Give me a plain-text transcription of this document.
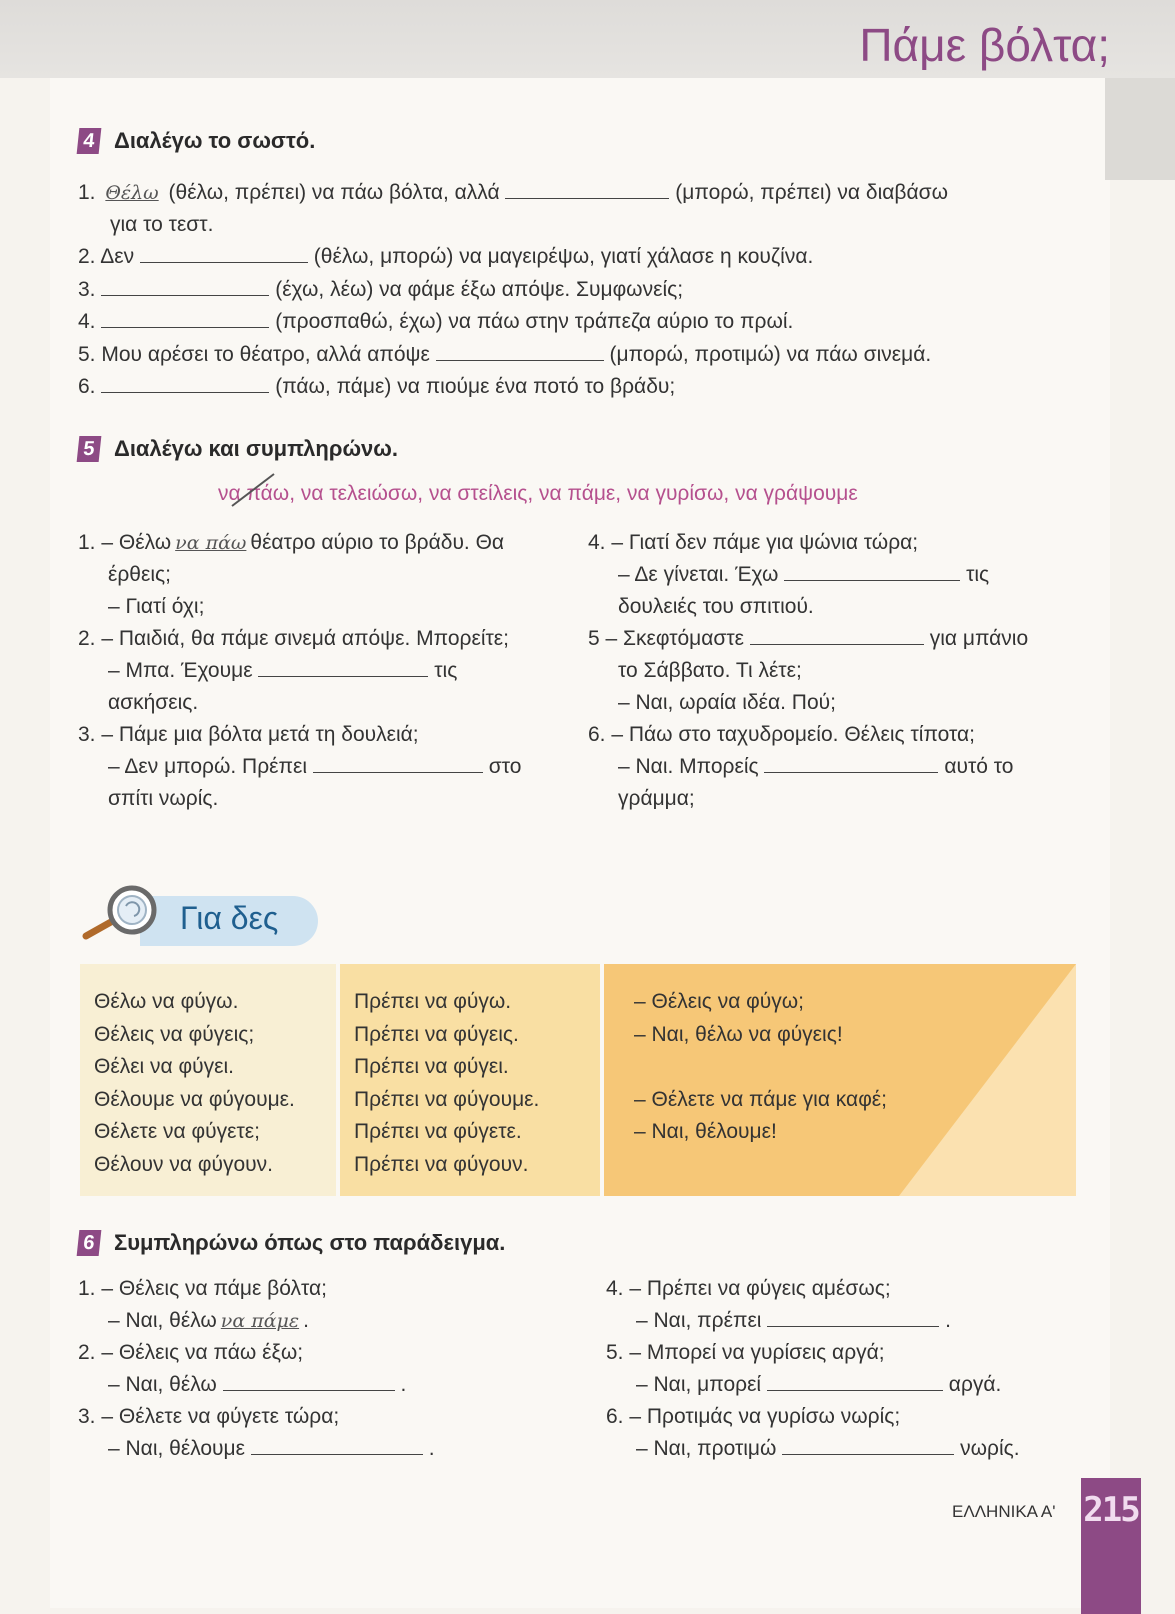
Πάμε βόλτα;
4 Διαλέγω το σωστό.
1. Θέλω (θέλω, πρέπει) να πάω βόλτα, αλλά	(μπορώ, πρέπει) να διαβάσω
για το τεστ.
2. Δεν	(θέλω, μπορώ) να μαγειρέψω, γιατί χάλασε η κουζίνα.
3.	(έχω, λέω) να φάμε έξω απόψε. Συμφωνείς;
4.	(προσπαθώ, έχω) να πάω στην τράπεζα αύριο το πρωί.
5. Μου αρέσει το θέατρο, αλλά απόψε	(μπορώ, προτιμώ) να πάω σινεμά.
6.	(πάω, πάμε) να πιούμε ένα ποτό το βράδυ;
5 Διαλέγω και συμπληρώνω.
να πάω, να τελειώσω, να στείλεις, να πάμε, να γυρίσω, να γράψουμε
1. – Θέλω να πάω θέατρο αύριο το βράδυ. Θα
έρθεις;
– Γιατί όχι;
2. – Παιδιά, θα πάμε σινεμά απόψε. Μπορείτε;
– Μπα. Έχουμε	τις
ασκήσεις.
3. – Πάμε μια βόλτα μετά τη δουλειά;
– Δεν μπορώ. Πρέπει	στο
σπίτι νωρίς.
4. – Γιατί δεν πάμε για ψώνια τώρα;
– Δε γίνεται. Έχω	τις
δουλειές του σπιτιού.
5 – Σκεφτόμαστε	για μπάνιο
το Σάββατο. Τι λέτε;
– Ναι, ωραία ιδέα. Πού;
6. – Πάω στο ταχυδρομείο. Θέλεις τίποτα;
– Ναι. Μπορείς	αυτό το
γράμμα;
Για δες
Θέλω να φύγω.
Θέλεις να φύγεις;
Θέλει να φύγει.
Θέλουμε να φύγουμε.
Θέλετε να φύγετε;
Θέλουν να φύγουν.
Πρέπει να φύγω.
Πρέπει να φύγεις.
Πρέπει να φύγει.
Πρέπει να φύγουμε.
Πρέπει να φύγετε.
Πρέπει να φύγουν.
– Θέλεις να φύγω;
– Ναι, θέλω να φύγεις!

– Θέλετε να πάμε για καφέ;
– Ναι, θέλουμε!
6 Συμπληρώνω όπως στο παράδειγμα.
1. – Θέλεις να πάμε βόλτα;
– Ναι, θέλω να πάμε .
2. – Θέλεις να πάω έξω;
– Ναι, θέλω	.
3. – Θέλετε να φύγετε τώρα;
– Ναι, θέλουμε	.
4. – Πρέπει να φύγεις αμέσως;
– Ναι, πρέπει	.
5. – Μπορεί να γυρίσεις αργά;
– Ναι, μπορεί	αργά.
6. – Προτιμάς να γυρίσω νωρίς;
– Ναι, προτιμώ	νωρίς.
ΕΛΛΗΝΙΚΑ Α' 215
